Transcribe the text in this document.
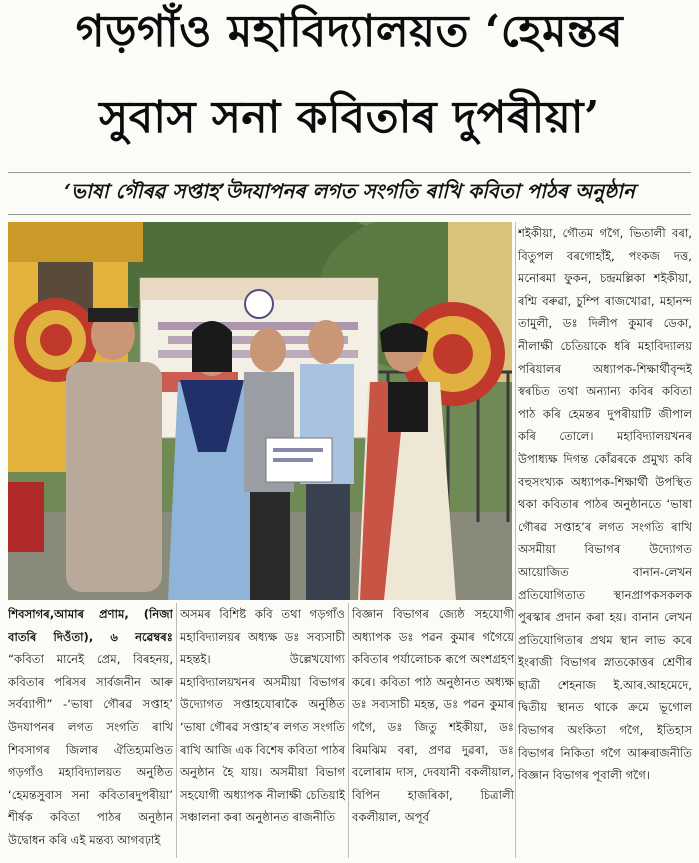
গড়গাঁও মহাবিদ্যালয়ত ‘হেমন্তৰ
সুবাস সনা কবিতাৰ দুপৰীয়া’
‘ভাষা গৌৰৱ সপ্তাহ’উদযাপনৰ লগত সংগতি ৰাখি কবিতা পাঠৰ অনুষ্ঠান

শইকীয়া, গৌতম গগৈ, ভিতালী বৰা, বিতুপল বৰগোহাঁই, পংকজ দত্ত, মনোৰমা ফুকন, চন্দ্ৰমল্লিকা শইকীয়া, ৰশ্মি বৰুৱা, চুম্পি ৰাজখোৱা, মহানন্দ তামুলী, ডঃ দিলীপ কুমাৰ ডেকা, নীলাক্ষী চেতিয়াকে ধৰি মহাবিদ্যালয় পৰিয়ালৰ অধ্যাপক-শিক্ষাৰ্থীবৃন্দই স্বৰচিত তথা অন্যান্য কবিৰ কবিতা পাঠ কৰি হেমন্তৰ দুপৰীয়াটি জীপাল কৰি তোলে। মহাবিদ্যালয়খনৰ উপাধ্যক্ষ দিগন্ত কোঁৱৰকে প্ৰমুখ্য কৰি বহুসংখ্যক অধ্যাপক-শিক্ষাৰ্থী উপস্থিত থকা কবিতাৰ পাঠৰ অনুষ্ঠানতে ‘ভাষা গৌৰৱ সপ্তাহ’ৰ লগত সংগতি ৰাখি অসমীয়া বিভাগৰ উদ্যোগত আয়োজিত বানান-লেখন প্ৰতিযোগিতাত স্থানপ্ৰাপকসকলক পুৰস্কাৰ প্ৰদান কৰা হয়। বানান লেখন প্ৰতিযোগিতাৰ প্ৰথম স্থান লাভ কৰে ইংৰাজী বিভাগৰ স্নাতকোত্তৰ শ্ৰেণীৰ ছাত্ৰী শেহনাজ ই.আৰ.আহমেদে, দ্বিতীয় স্থানত থাকে ক্ৰমে ভূগোল বিভাগৰ অংকিতা গগৈ, ইতিহাস বিভাগৰ নিকিতা গগৈ আৰুৰাজনীতি বিজ্ঞান বিভাগৰ পূবালী গগৈ।

শিবসাগৰ,আমাৰ প্ৰণাম, (নিজা বাতৰি দিওঁতা), ৬ নৱেম্বৰঃ “কবিতা মানেই প্ৰেম, বিৰহনয়, কবিতাৰ পৰিসৰ সাৰ্বজনীন আৰু সৰ্বব্যাপী” -‘ভাষা গৌৰৱ সপ্তাহ’ উদযাপনৰ লগত সংগতি ৰাখি শিবসাগৰ জিলাৰ ঐতিহ্যমণ্ডিত গড়গাঁও মহাবিদ্যালয়ত অনুষ্ঠিত ‘হেমন্তসুবাস সনা কবিতাৰদুপৰীয়া’ শীৰ্ষক কবিতা পাঠৰ অনুষ্ঠান উদ্বোধন কৰি এই মন্তব্য আগবঢ়াই

অসমৰ বিশিষ্ট কবি তথা গড়গাঁও মহাবিদ্যালয়ৰ অধ্যক্ষ ডঃ সব্যসাচী মহন্তই। উল্লেখযোগ্য মহাবিদ্যালয়খনৰ অসমীয়া বিভাগৰ উদ্যোগত সপ্তাহযোৰাকৈ অনুষ্ঠিত ‘ভাষা গৌৰৱ সপ্তাহ’ৰ লগত সংগতি ৰাখি আজি এক বিশেষ কবিতা পাঠৰ অনুষ্ঠান হৈ যায়। অসমীয়া বিভাগ সহযোগী অধ্যাপক নীলাক্ষী চেতিয়াই সঞ্চালনা কৰা অনুষ্ঠানত ৰাজনীতি

বিজ্ঞান বিভাগৰ জ্যেষ্ঠ সহযোগী অধ্যাপক ডঃ পৱন কুমাৰ গগৈয়ে কবিতাৰ পৰ্যালোচক ৰূপে অংশগ্ৰহণ কৰে। কবিতা পাঠ অনুষ্ঠানত অধ্যক্ষ ডঃ সব্যসাচী মহন্ত, ডঃ পৱন কুমাৰ গগৈ, ডঃ জিতু শইকীয়া, ডঃ ৰিমঝিম বৰা, প্ৰণৱ দুৱৰা, ডঃ বলোৰাম দাস, দেবযানী বকলীয়াল, বিপিন হাজৰিকা, চিত্ৰালী বকলীয়াল, অপূৰ্ব
